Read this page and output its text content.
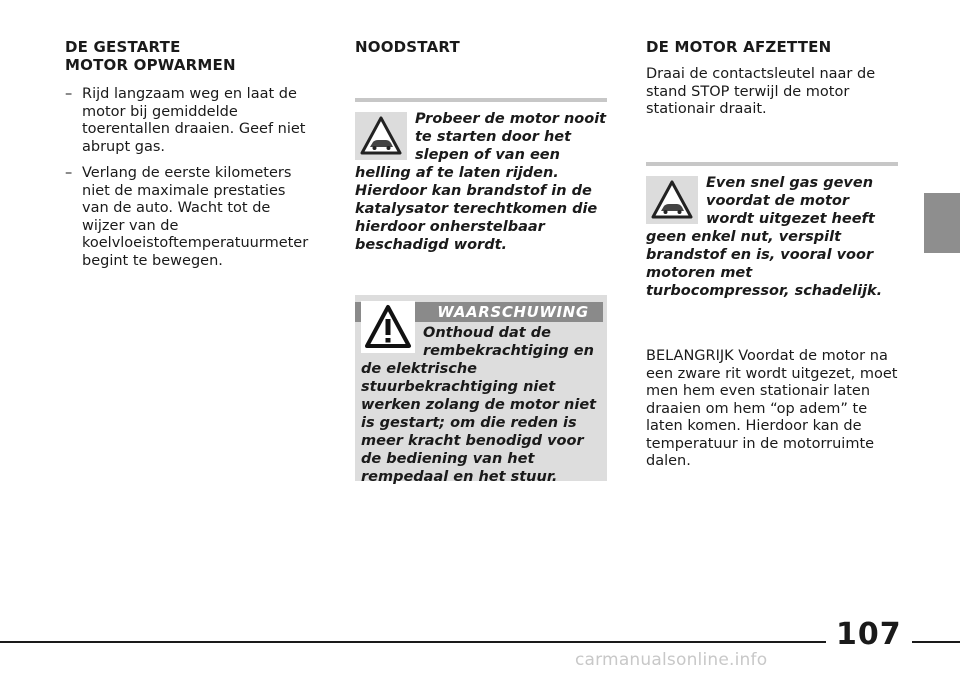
DE GESTARTE
MOTOR OPWARMEN
– Rijd langzaam weg en laat de motor bij gemiddelde toerentallen draaien. Geef niet abrupt gas.
– Verlang de eerste kilometers niet de maximale prestaties van de auto. Wacht tot de wijzer van de koelvloeistoftemperatuurmeter begint te bewegen.
NOODSTART
Probeer de motor nooit te starten door het slepen of van een helling af te laten rijden. Hierdoor kan brandstof in de katalysator terechtkomen die hierdoor onherstelbaar beschadigd wordt.
WAARSCHUWING
Onthoud dat de rembekrachtiging en de elektrische stuurbekrachtiging niet werken zolang de motor niet is gestart; om die reden is meer kracht benodigd voor de bediening van het rempedaal en het stuur.
DE MOTOR AFZETTEN

Draai de contactsleutel naar de stand STOP terwijl de motor stationair draait.

Even snel gas geven voordat de motor wordt uitgezet heeft geen enkel nut, verspilt brandstof en is, vooral voor motoren met turbocompressor, schadelijk.

BELANGRIJK Voordat de motor na een zware rit wordt uitgezet, moet men hem even stationair laten draaien om hem “op adem” te laten komen. Hierdoor kan de temperatuur in de motorruimte dalen.

107
carmanualsonline.info
